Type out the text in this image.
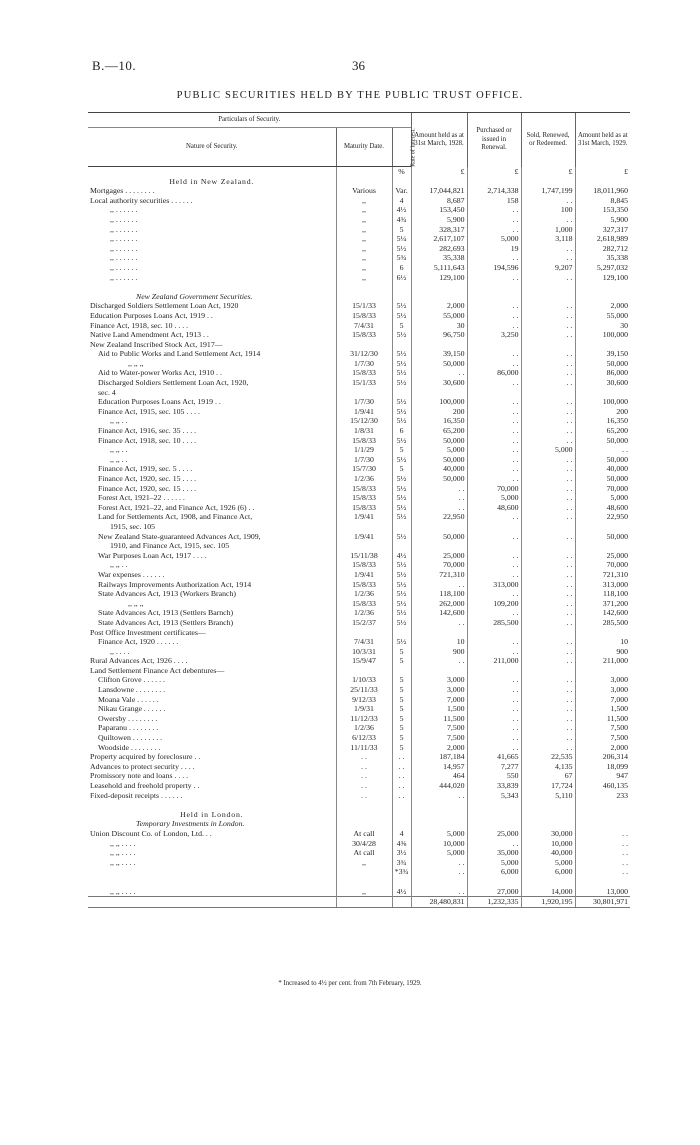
B.—10.	36
PUBLIC SECURITIES HELD BY THE PUBLIC TRUST OFFICE.
Particulars of Security.			Amount held as at 31st March, 1928.	Purchased or issued in Renewal.	Sold, Renewed, or Redeemed.	Amount held as at 31st March, 1929.
Nature of Security.	Maturity Date.	Rate of Interest.				
		%	£	£	£	£
Held in New Zealand.						
Mortgages . . . . . . . .	Various	Var.	17,044,821	2,714,338	1,747,199	18,011,960
Local authority securities . . . . . .	,,	4	8,687	158	. .	8,845
,, . . . . . .	,,	4½	153,450	. .	100	153,350
,, . . . . . .	,,	4¾	5,900	. .	. .	5,900
,, . . . . . .	,,	5	328,317	. .	1,000	327,317
,, . . . . . .	,,	5¼	2,617,107	5,000	3,118	2,618,989
,, . . . . . .	,,	5½	282,693	19	. .	282,712
,, . . . . . .	,,	5¾	35,338	. .	. .	35,338
,, . . . . . .	,,	6	5,111,643	194,596	9,207	5,297,032
,, . . . . . .	,,	6½	129,100	. .	. .	129,100

New Zealand Government Securities.						
Discharged Soldiers Settlement Loan Act, 1920	15/1/33	5½	2,000	. .	. .	2,000
Education Purposes Loans Act, 1919 . .	15/8/33	5½	55,000	. .	. .	55,000
Finance Act, 1918, sec. 10 . . . .	7/4/31	5	30	. .	. .	30
Native Land Amendment Act, 1913 . .	15/8/33	5½	96,750	3,250	. .	100,000
New Zealand Inscribed Stock Act, 1917—						
Aid to Public Works and Land Settlement Act, 1914	31/12/30	5½	39,150	. .	. .	39,150
,, ,, ,,	1/7/30	5½	50,000	. .	. .	50,000
Aid to Water-power Works Act, 1910 . .	15/8/33	5½	. .	86,000	. .	86,000
Discharged Soldiers Settlement Loan Act, 1920,	15/1/33	5½	30,600	. .	. .	30,600
sec. 4						
Education Purposes Loans Act, 1919 . .	1/7/30	5½	100,000	. .	. .	100,000
Finance Act, 1915, sec. 105 . . . .	1/9/41	5½	200	. .	. .	200
,, ,, . .	15/12/30	5½	16,350	. .	. .	16,350
Finance Act, 1916, sec. 35 . . . .	1/8/31	6	65,200	. .	. .	65,200
Finance Act, 1918, sec. 10 . . . .	15/8/33	5½	50,000	. .	. .	50,000
,, ,, . .	1/1/29	5	5,000	. .	5,000	. .
,, ,, . .	1/7/30	5½	50,000	. .	. .	50,000
Finance Act, 1919, sec. 5 . . . .	15/7/30	5	40,000	. .	. .	40,000
Finance Act, 1920, sec. 15 . . . .	1/2/36	5½	50,000	. .	. .	50,000
Finance Act, 1920, sec. 15 . . . .	15/8/33	5½	. .	70,000	. .	70,000
Forest Act, 1921–22 . . . . . .	15/8/33	5½	. .	5,000	. .	5,000
Forest Act, 1921–22, and Finance Act, 1926 (6) . .	15/8/33	5½	. .	48,600	. .	48,600
Land for Settlements Act, 1908, and Finance Act,	1/9/41	5½	22,950	. .	. .	22,950
1915, sec. 105						
New Zealand State-guaranteed Advances Act, 1909,	1/9/41	5½	50,000	. .	. .	50,000
1910, and Finance Act, 1915, sec. 105						
War Purposes Loan Act, 1917 . . . .	15/11/38	4½	25,000	. .	. .	25,000
,, ,, . .	15/8/33	5½	70,000	. .	. .	70,000
War expenses . . . . . .	1/9/41	5½	721,310	. .	. .	721,310
Railways Improvements Authorization Act, 1914	15/8/33	5½	. .	313,000	. .	313,000
State Advances Act, 1913 (Workers Branch)	1/2/36	5½	118,100	. .	. .	118,100
,, ,, ,,	15/8/33	5½	262,000	109,200	. .	371,200
State Advances Act, 1913 (Settlers Barnch)	1/2/36	5½	142,600	. .	. .	142,600
State Advances Act, 1913 (Settlers Branch)	15/2/37	5½	. .	285,500	. .	285,500
Post Office Investment certificates—						
Finance Act, 1920 . . . . . .	7/4/31	5½	10	. .	. .	10
,, . . . .	10/3/31	5	900	. .	. .	900
Rural Advances Act, 1926 . . . .	15/9/47	5	. .	211,000	. .	211,000
Land Settlement Finance Act debentures—						
Clifton Grove . . . . . .	1/10/33	5	3,000	. .	. .	3,000
Lansdowne . . . . . . . .	25/11/33	5	3,000	. .	. .	3,000
Moana Vale . . . . . .	9/12/33	5	7,000	. .	. .	7,000
Nikau Grange . . . . . .	1/9/31	5	1,500	. .	. .	1,500
Owersby . . . . . . . .	11/12/33	5	11,500	. .	. .	11,500
Paparanu . . . . . . . .	1/2/36	5	7,500	. .	. .	7,500
Quiltowen . . . . . . . .	6/12/33	5	7,500	. .	. .	7,500
Woodside . . . . . . . .	11/11/33	5	2,000	. .	. .	2,000
Property acquired by foreclosure . .	. .	. .	187,184	41,665	22,535	206,314
Advances to protect security . . . .	. .	. .	14,957	7,277	4,135	18,099
Promissory note and loans . . . .	. .	. .	464	550	67	947
Leasehold and freehold property . .	. .	. .	444,020	33,839	17,724	460,135
Fixed-deposit receipts . . . . . .	. .	. .	. .	5,343	5,110	233

Held in London.						
Temporary Investments in London.						
Union Discount Co. of London, Ltd. . .	At call	4	5,000	25,000	30,000	. .
,, ,, . . . .	30/4/28	4⅜	10,000	. .	10,000	. .
,, ,, . . . .	At call	3½	5,000	35,000	40,000	. .
,, ,, . . . .	,,	3¾	. .	5,000	5,000	. .
		*3¾	. .	6,000	6,000	. .

,, ,, . . . .	,,	4½	. .	27,000	14,000	13,000
			28,480,831	1,232,335	1,920,195	30,801,971
* Increased to 4½ per cent. from 7th February, 1929.
